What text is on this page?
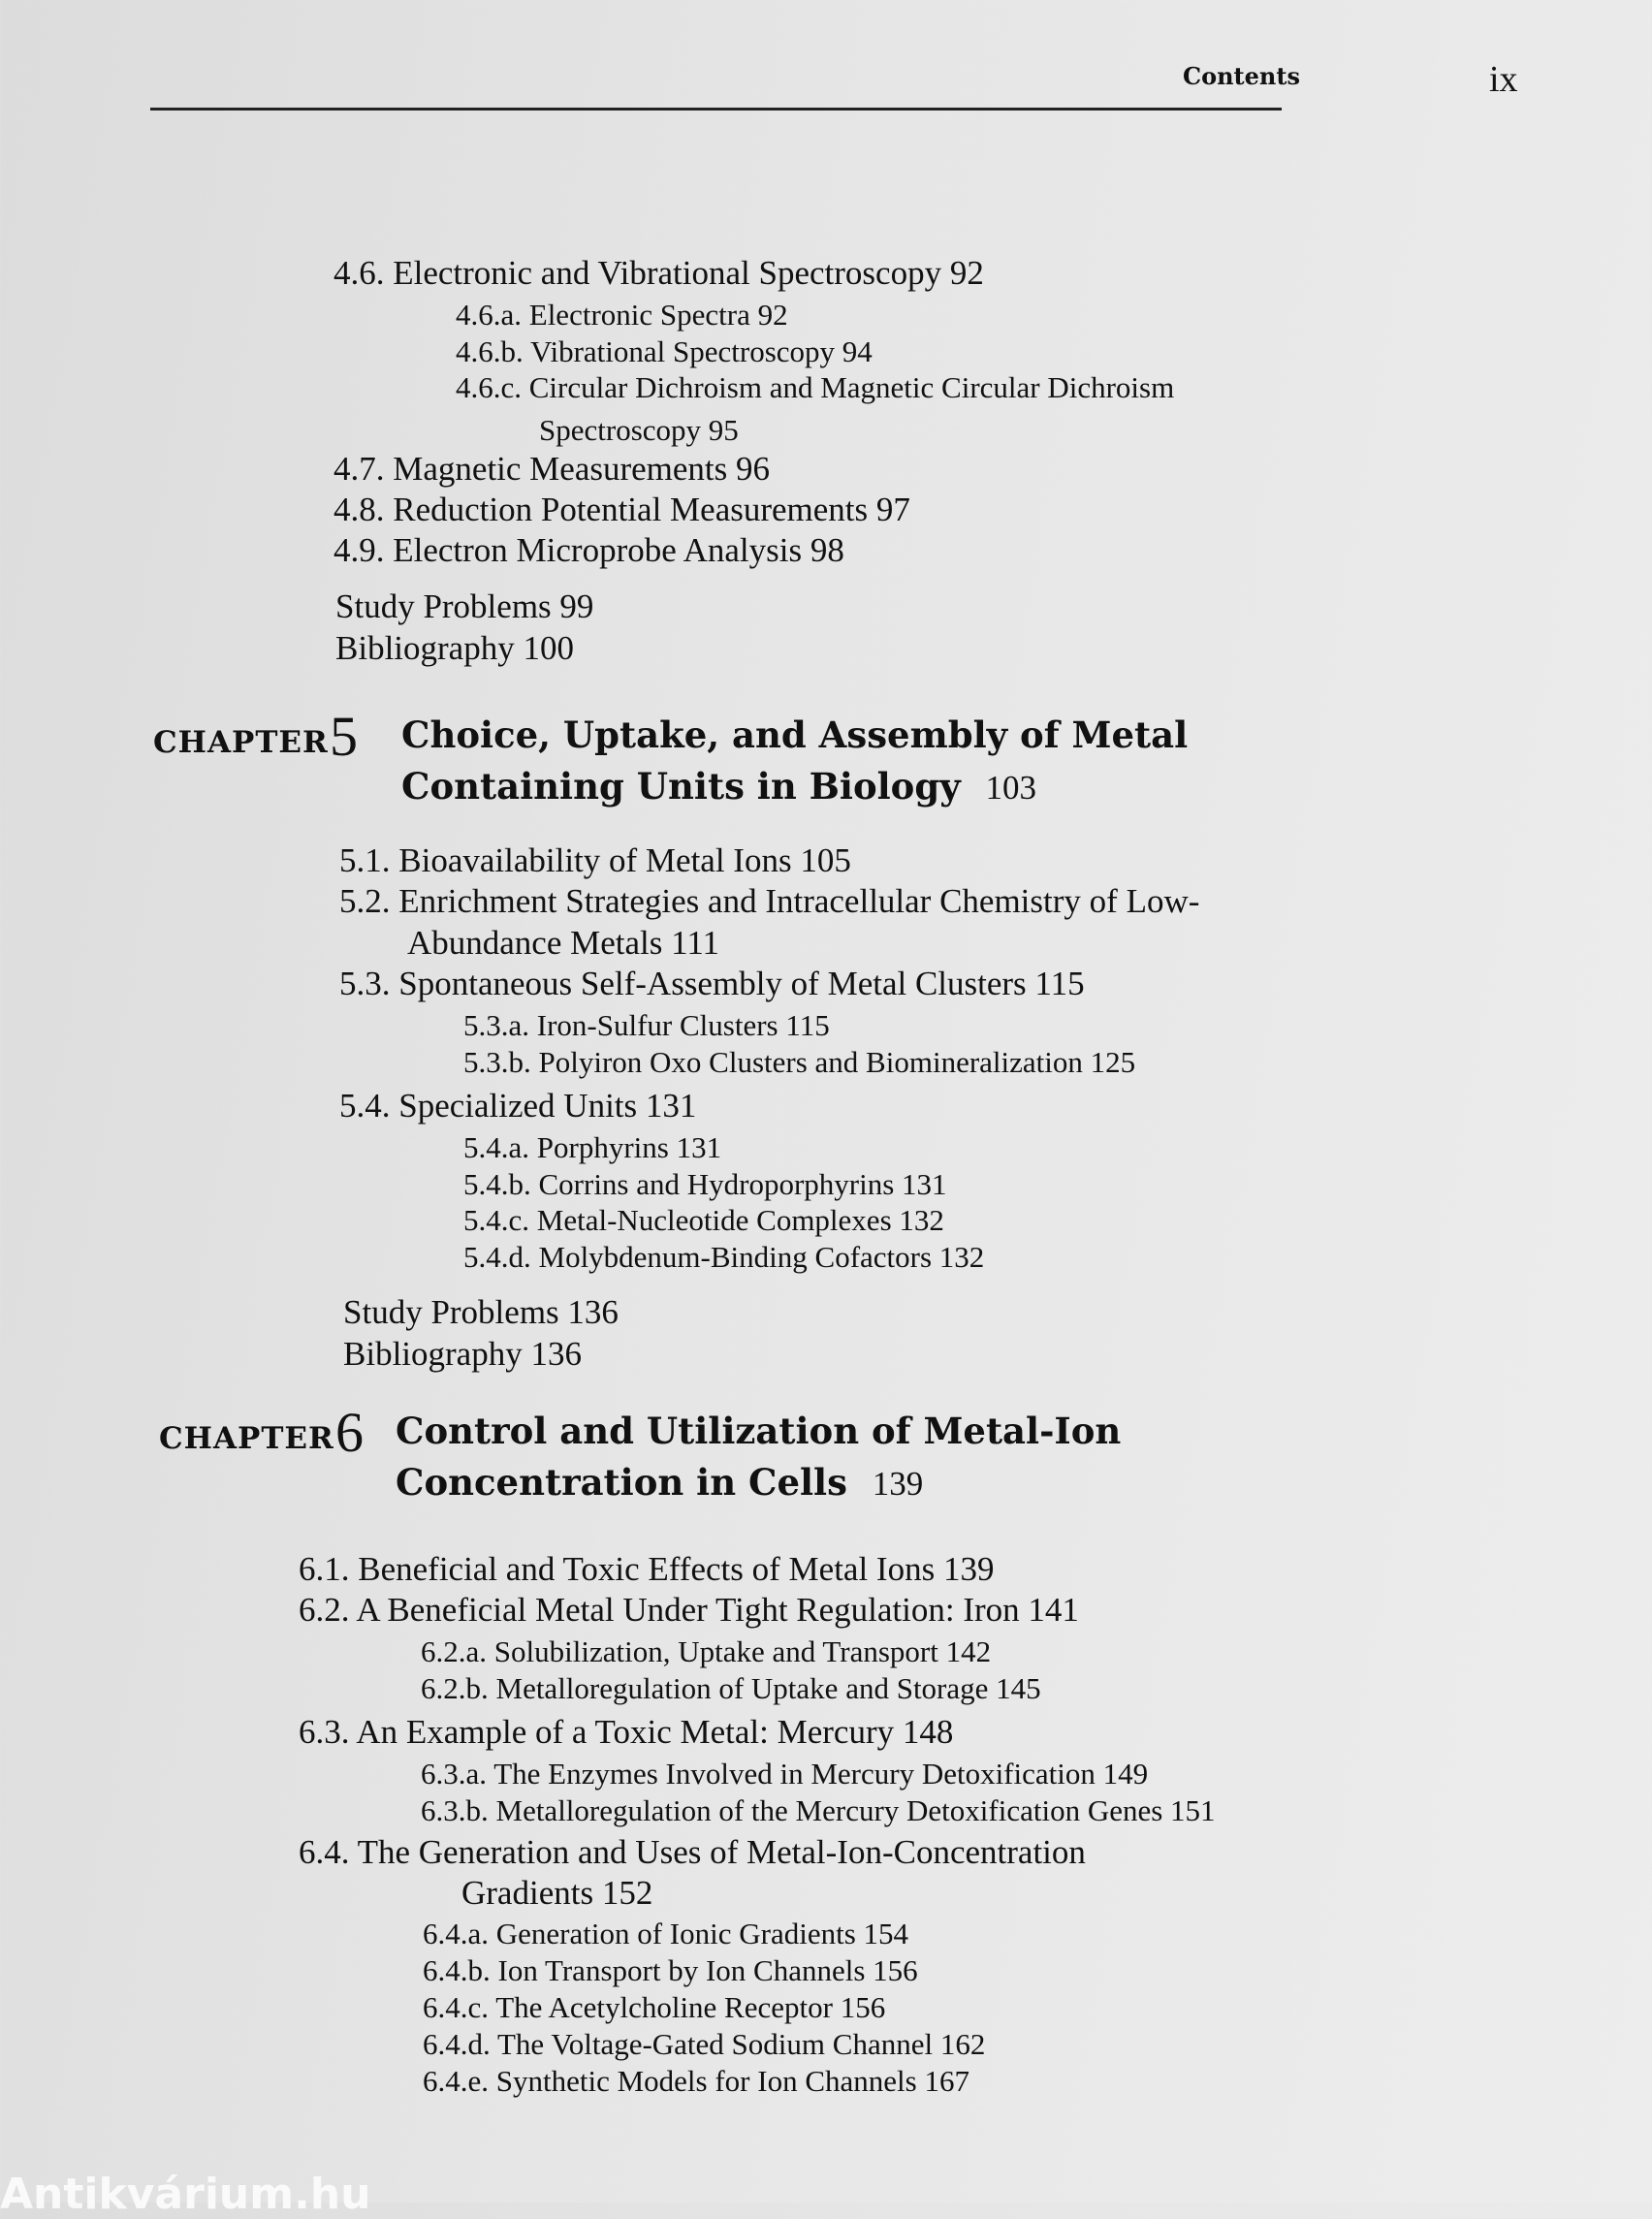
Contents	ix
4.6. Electronic and Vibrational Spectroscopy 92
4.6.a. Electronic Spectra 92
4.6.b. Vibrational Spectroscopy 94
4.6.c. Circular Dichroism and Magnetic Circular Dichroism
Spectroscopy 95
4.7. Magnetic Measurements 96
4.8. Reduction Potential Measurements 97
4.9. Electron Microprobe Analysis 98
Study Problems 99
Bibliography 100
CHAPTER 5 Choice, Uptake, and Assembly of Metal
Containing Units in Biology 103
5.1. Bioavailability of Metal Ions 105
5.2. Enrichment Strategies and Intracellular Chemistry of Low-
Abundance Metals 111
5.3. Spontaneous Self-Assembly of Metal Clusters 115
5.3.a. Iron-Sulfur Clusters 115
5.3.b. Polyiron Oxo Clusters and Biomineralization 125
5.4. Specialized Units 131
5.4.a. Porphyrins 131
5.4.b. Corrins and Hydroporphyrins 131
5.4.c. Metal-Nucleotide Complexes 132
5.4.d. Molybdenum-Binding Cofactors 132
Study Problems 136
Bibliography 136
CHAPTER 6 Control and Utilization of Metal-Ion
Concentration in Cells 139
6.1. Beneficial and Toxic Effects of Metal Ions 139
6.2. A Beneficial Metal Under Tight Regulation: Iron 141
6.2.a. Solubilization, Uptake and Transport 142
6.2.b. Metalloregulation of Uptake and Storage 145
6.3. An Example of a Toxic Metal: Mercury 148
6.3.a. The Enzymes Involved in Mercury Detoxification 149
6.3.b. Metalloregulation of the Mercury Detoxification Genes 151
6.4. The Generation and Uses of Metal-Ion-Concentration
Gradients 152
6.4.a. Generation of Ionic Gradients 154
6.4.b. Ion Transport by Ion Channels 156
6.4.c. The Acetylcholine Receptor 156
6.4.d. The Voltage-Gated Sodium Channel 162
6.4.e. Synthetic Models for Ion Channels 167
Antikvárium.hu
